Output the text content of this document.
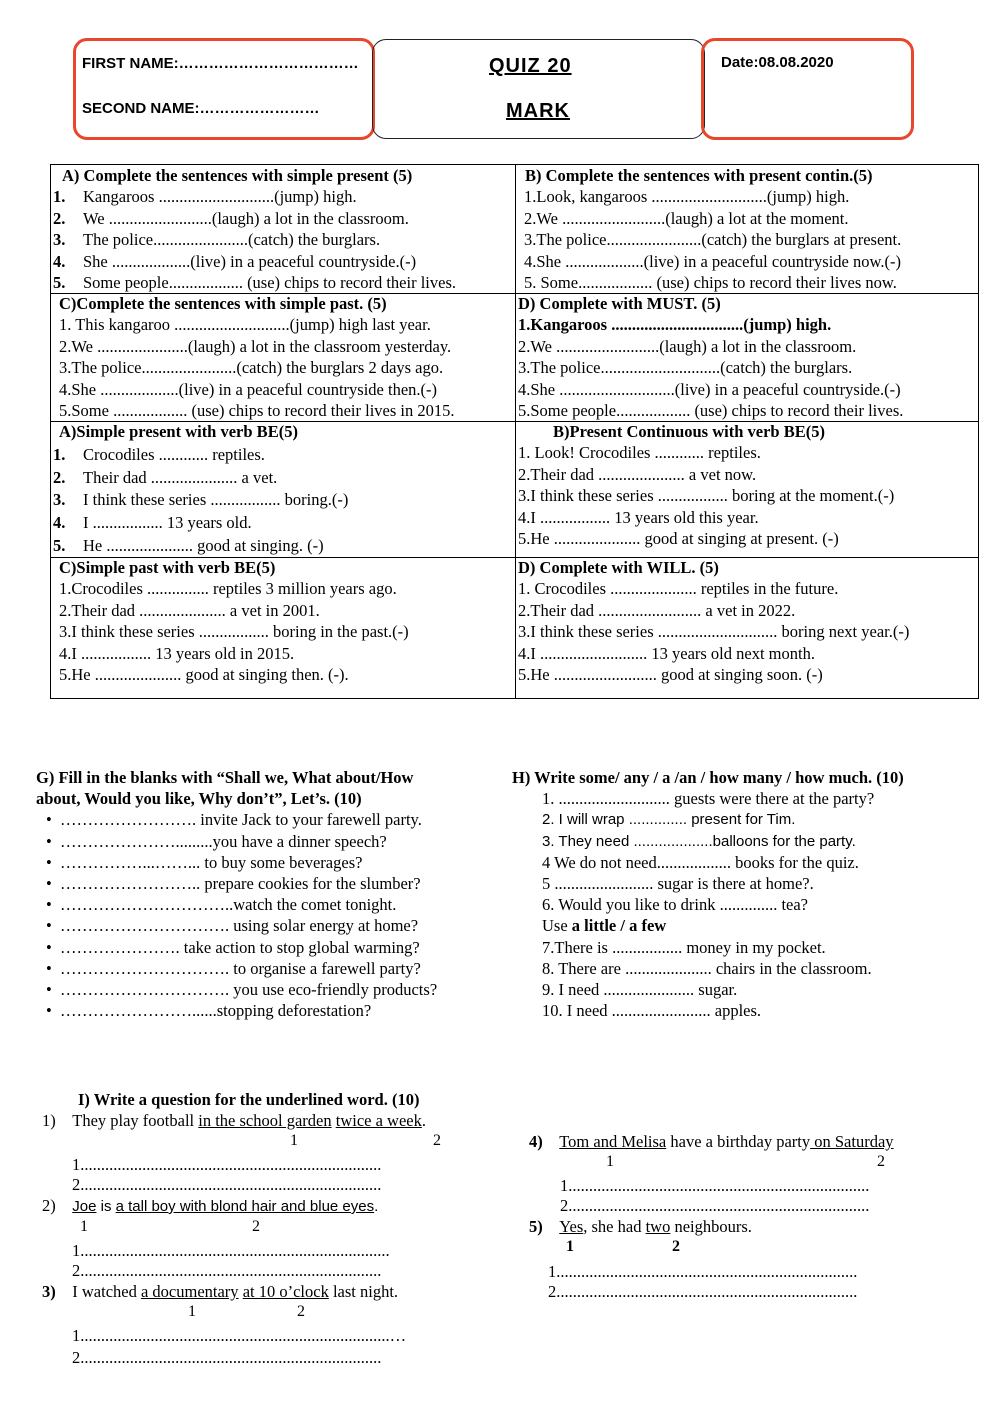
FIRST NAME:………………………………
SECOND NAME:……………………
QUIZ 20
MARK
Date:08.08.2020
A) Complete the sentences with simple present (5)
1. Kangaroos ............................(jump) high.
2. We .........................(laugh) a lot in the classroom.
3. The police.......................(catch) the burglars.
4. She ...................(live) in a peaceful countryside.(-)
5. Some people.................. (use) chips to record their lives.
B) Complete the sentences with present contin.(5)
1.Look, kangaroos ............................(jump) high.
2.We .........................(laugh) a lot at the moment.
3.The police.......................(catch) the burglars at present.
4.She ...................(live) in a peaceful countryside now.(-)
5. Some.................. (use) chips to record their lives now.
C)Complete the sentences with simple past. (5)
1. This kangaroo ............................(jump) high last year.
2.We ......................(laugh) a lot in the classroom yesterday.
3.The police.......................(catch) the burglars 2 days ago.
4.She ...................(live) in a peaceful countryside then.(-)
5.Some .................. (use) chips to record their lives in 2015.
D) Complete with MUST. (5)
1.Kangaroos ................................(jump) high.
2.We .........................(laugh) a lot in the classroom.
3.The police.............................(catch) the burglars.
4.She ............................(live) in a peaceful countryside.(-)
5.Some people.................. (use) chips to record their lives.
A)Simple present with verb BE(5)
1. Crocodiles ............ reptiles.
2. Their dad ..................... a vet.
3. I think these series ................. boring.(-)
4. I ................. 13 years old.
5. He ..................... good at singing. (-)
B)Present Continuous with verb BE(5)
1. Look! Crocodiles ............ reptiles.
2.Their dad ..................... a vet now.
3.I think these series ................. boring at the moment.(-)
4.I ................. 13 years old this year.
5.He ..................... good at singing at present. (-)
C)Simple past with verb BE(5)
1.Crocodiles ............... reptiles 3 million years ago.
2.Their dad ..................... a vet in 2001.
3.I think these series ................. boring in the past.(-)
4.I ................. 13 years old in 2015.
5.He ..................... good at singing then. (-).
D) Complete with WILL. (5)
1. Crocodiles ..................... reptiles in the future.
2.Their dad ......................... a vet in 2022.
3.I think these series ............................. boring next year.(-)
4.I .......................... 13 years old next month.
5.He ......................... good at singing soon. (-)
G) Fill in the blanks with “Shall we, What about/How
about, Would you like, Why don’t”, Let’s. (10)
• ……………………. invite Jack to your farewell party.
• ………………….........you have a dinner speech?
• ……………...……... to buy some beverages?
• …………………….. prepare cookies for the slumber?
• …………………………..watch the comet tonight.
• …………………………. using solar energy at home?
• …………………. take action to stop global warming?
• …………………………. to organise a farewell party?
• …………………………. you use eco-friendly products?
• ……………………......stopping deforestation?
H) Write some/ any / a /an / how many / how much. (10)
1. ........................... guests were there at the party?
2. I will wrap .............. present for Tim.
3. They need ...................balloons for the party.
4 We do not need.................. books for the quiz.
5 ........................ sugar is there at home?.
6. Would you like to drink .............. tea?
Use a little / a few
7.There is ................. money in my pocket.
8. There are ..................... chairs in the classroom.
9. I need ...................... sugar.
10. I need ........................ apples.
I) Write a question for the underlined word. (10)
1) They play football in the school garden twice a week.
1	2
1.........................................................................
2.........................................................................
2) Joe is a tall boy with blond hair and blue eyes.
1	2
1...........................................................................
2.........................................................................
3) I watched a documentary at 10 o’clock last night.
1	2
1...........................................................................…
2.........................................................................
4) Tom and Melisa have a birthday party on Saturday
1	2
1.........................................................................
2.........................................................................
5) Yes, she had two neighbours.
1	2
1.........................................................................
2.........................................................................
